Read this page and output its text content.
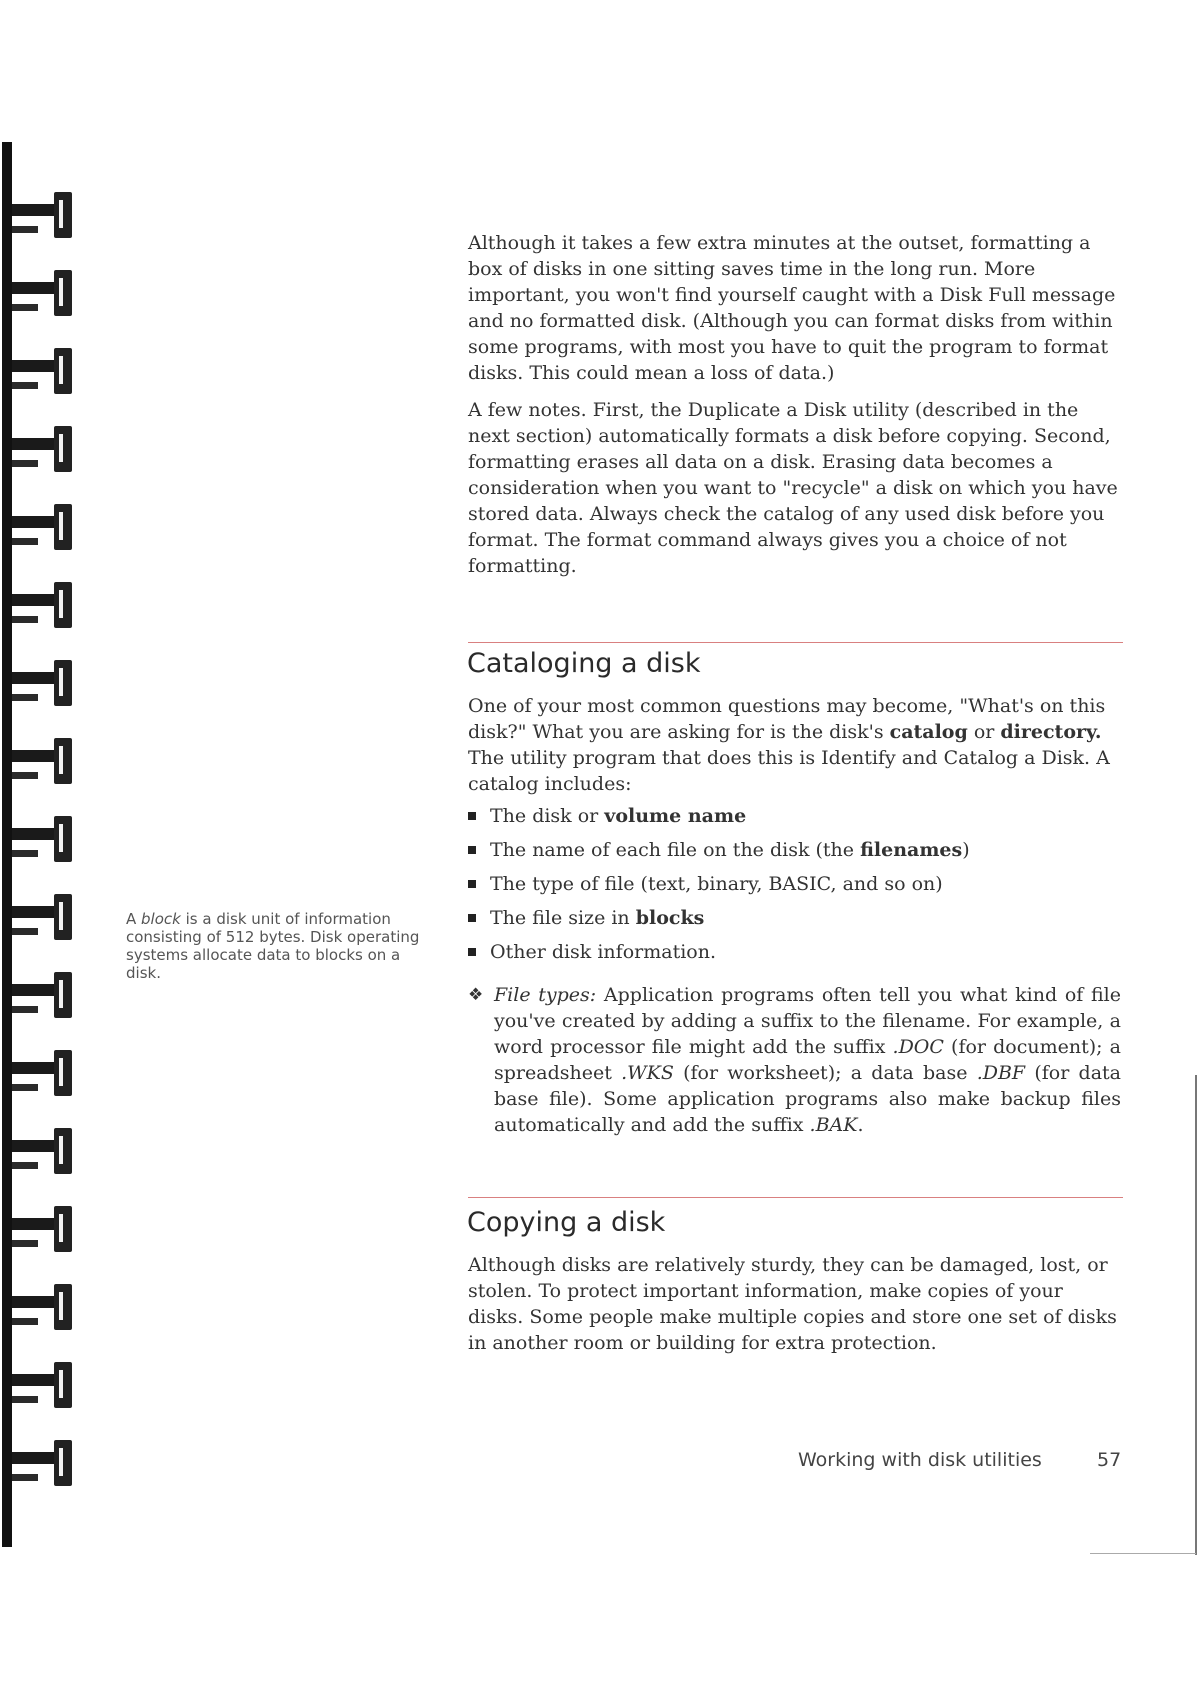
Although it takes a few extra minutes at the outset, formatting a box of disks in one sitting saves time in the long run. More important, you won't find yourself caught with a Disk Full message and no formatted disk. (Although you can format disks from within some programs, with most you have to quit the program to format disks. This could mean a loss of data.)

A few notes. First, the Duplicate a Disk utility (described in the next section) automatically formats a disk before copying. Second, formatting erases all data on a disk. Erasing data becomes a consideration when you want to "recycle" a disk on which you have stored data. Always check the catalog of any used disk before you format. The format command always gives you a choice of not formatting.

A block is a disk unit of information consisting of 512 bytes. Disk operating systems allocate data to blocks on a disk.

Cataloging a disk

One of your most common questions may become, "What's on this disk?" What you are asking for is the disk's catalog or directory. The utility program that does this is Identify and Catalog a Disk. A catalog includes:

The disk or volume name
The name of each file on the disk (the filenames)
The type of file (text, binary, BASIC, and so on)
The file size in blocks
Other disk information.
❖ File types: Application programs often tell you what kind of file you've created by adding a suffix to the filename. For example, a word processor file might add the suffix .DOC (for document); a spreadsheet .WKS (for worksheet); a data base .DBF (for data base file). Some application programs also make backup files automatically and add the suffix .BAK.

Copying a disk

Although disks are relatively sturdy, they can be damaged, lost, or stolen. To protect important information, make copies of your disks. Some people make multiple copies and store one set of disks in another room or building for extra protection.

Working with disk utilities	57
